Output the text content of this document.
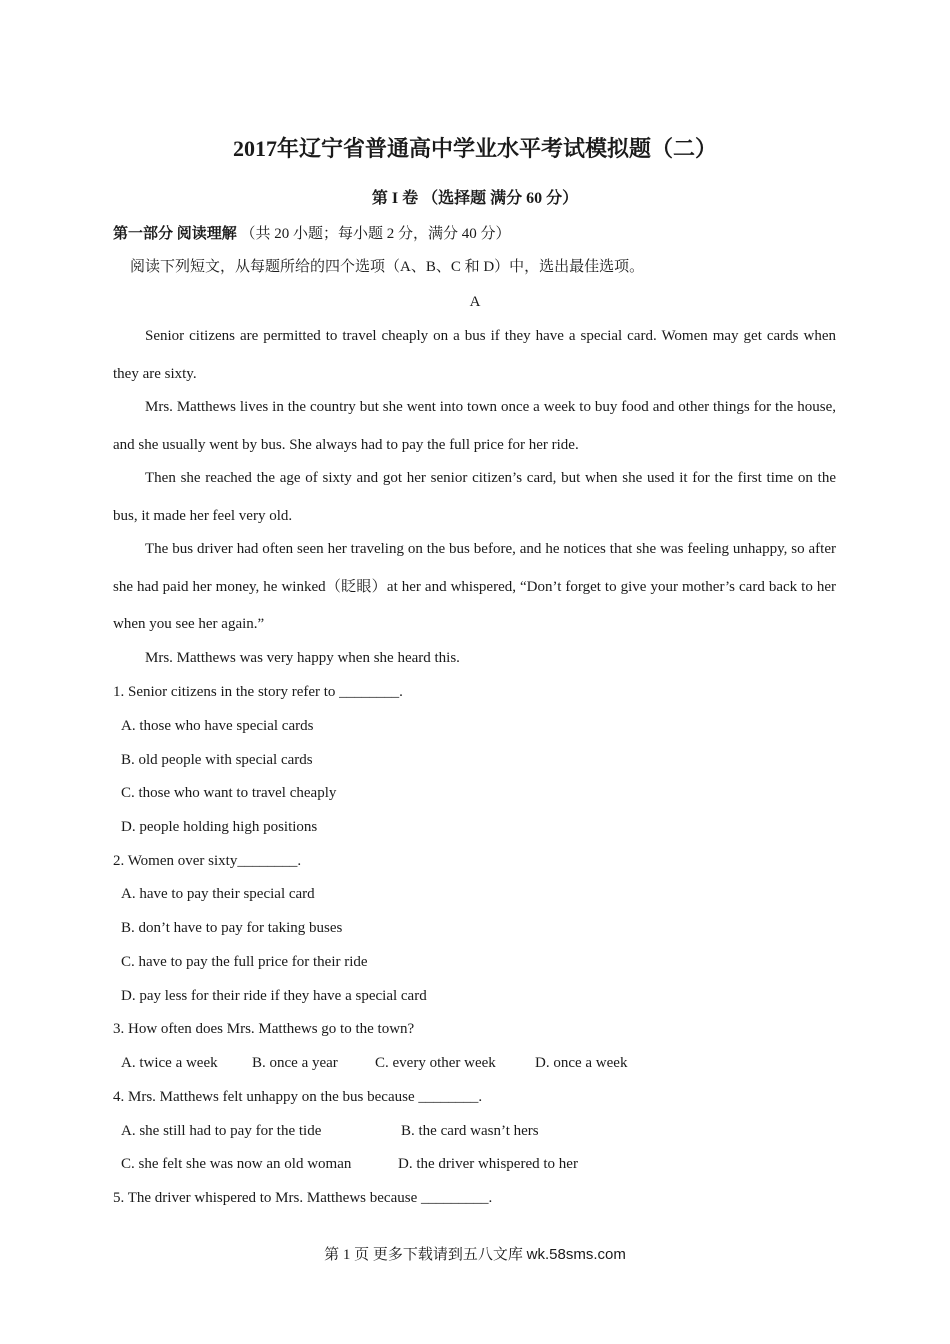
2017年辽宁省普通高中学业水平考试模拟题（二）
第 I 卷 （选择题 满分 60 分）
第一部分 阅读理解 （共 20 小题；每小题 2 分，满分 40 分）
阅读下列短文，从每题所给的四个选项（A、B、C 和 D）中，选出最佳选项。
A
Senior citizens are permitted to travel cheaply on a bus if they have a special card. Women may get cards when they are sixty.
Mrs. Matthews lives in the country but she went into town once a week to buy food and other things for the house, and she usually went by bus. She always had to pay the full price for her ride.
Then she reached the age of sixty and got her senior citizen’s card, but when she used it for the first time on the bus, it made her feel very old.
The bus driver had often seen her traveling on the bus before, and he notices that she was feeling unhappy, so after she had paid her money, he winked（眨眼）at her and whispered, “Don’t forget to give your mother’s card back to her when you see her again.”
Mrs. Matthews was very happy when she heard this.
1. Senior citizens in the story refer to ________.
A. those who have special cards
B. old people with special cards
C. those who want to travel cheaply
D. people holding high positions
2. Women over sixty________.
A. have to pay their special card
B. don’t have to pay for taking buses
C. have to pay the full price for their ride
D. pay less for their ride if they have a special card
3. How often does Mrs. Matthews go to the town?
A. twice a week B. once a year C. every other week	D. once a week
4. Mrs. Matthews felt unhappy on the bus because ________.
A. she still had to pay for the tide	B. the card wasn’t hers
C. she felt she was now an old woman	D. the driver whispered to her
5. The driver whispered to Mrs. Matthews because _________.
第 1 页 更多下载请到五八文库 wk.58sms.com
